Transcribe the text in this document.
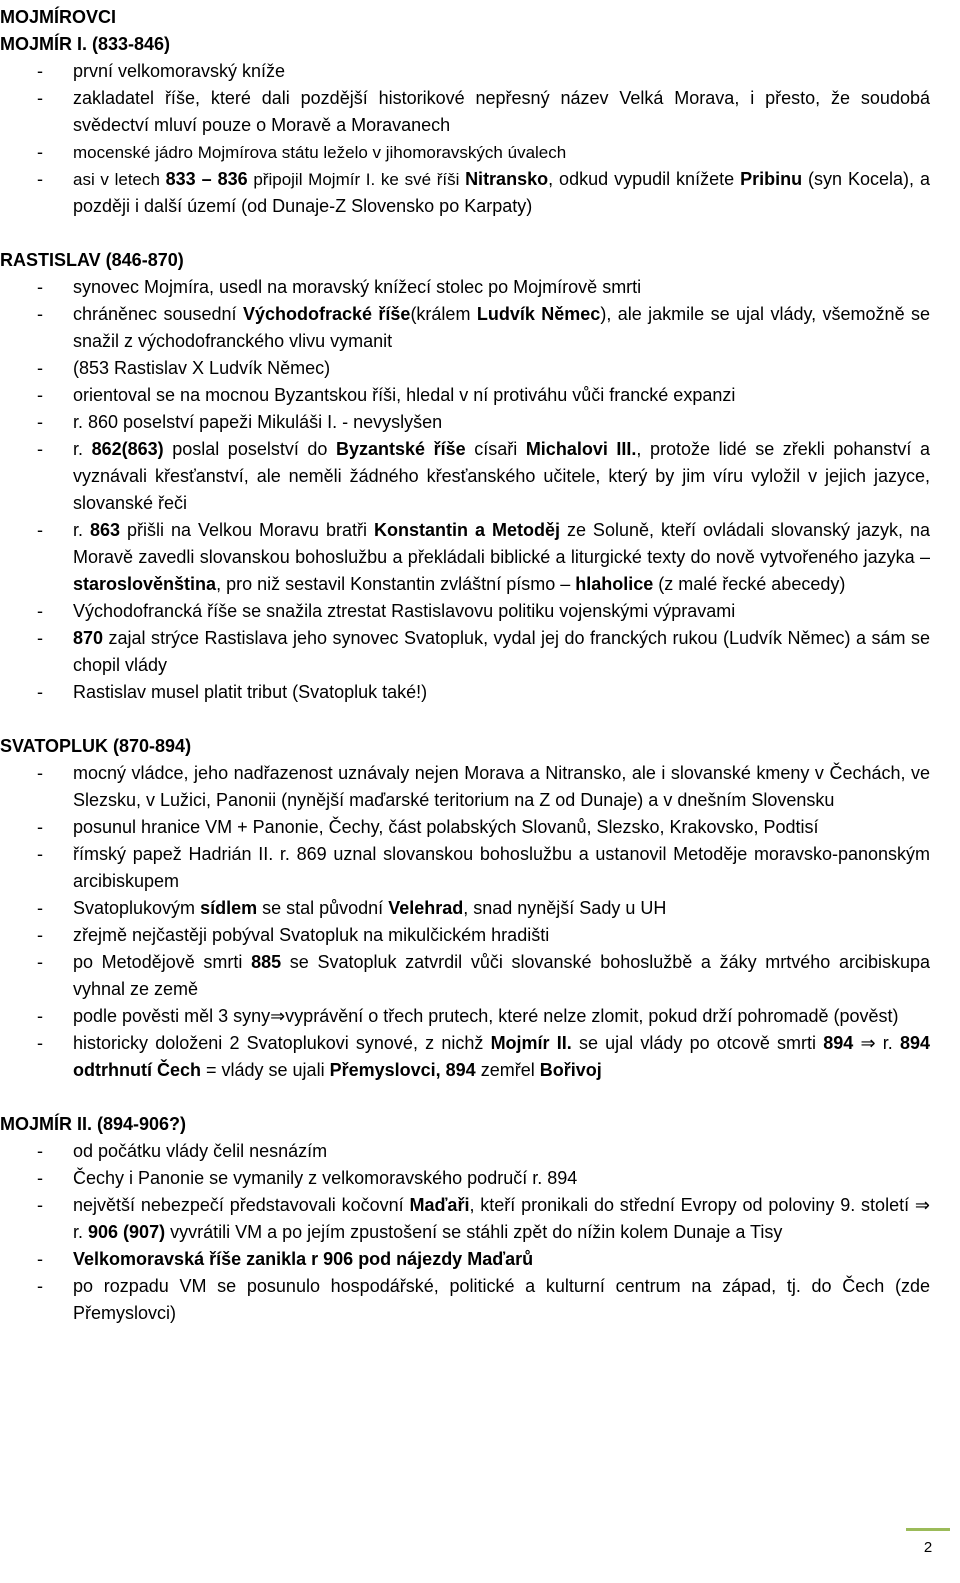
MOJMÍROVCI
MOJMÍR I. (833-846)
- první velkomoravský kníže
- zakladatel říše, které dali pozdější historikové nepřesný název Velká Morava, i přesto, že soudobá svědectví mluví pouze o Moravě a Moravanech
- mocenské jádro Mojmírova státu leželo v jihomoravských úvalech
- asi v letech 833 – 836 připojil Mojmír I. ke své říši Nitransko, odkud vypudil knížete Pribinu (syn Kocela), a později i další území (od Dunaje-Z Slovensko po Karpaty)
RASTISLAV (846-870)
- synovec Mojmíra, usedl na moravský knížecí stolec po Mojmírově smrti
- chráněnec sousední Východofracké říše(králem Ludvík Němec), ale jakmile se ujal vlády, všemožně se snažil z východofranckého vlivu vymanit
- (853 Rastislav X Ludvík Němec)
- orientoval se na mocnou Byzantskou říši, hledal v ní protiváhu vůči francké expanzi
- r. 860 poselství papeži Mikuláši I. - nevyslyšen
- r. 862(863) poslal poselství do Byzantské říše císaři Michalovi III., protože lidé se zřekli pohanství a vyznávali křesťanství, ale neměli žádného křesťanského učitele, který by jim víru vyložil v jejich jazyce, slovanské řeči
- r. 863 přišli na Velkou Moravu bratři Konstantin a Metoděj ze Soluně, kteří ovládali slovanský jazyk, na Moravě zavedli slovanskou bohoslužbu a překládali biblické a liturgické texty do nově vytvořeného jazyka – staroslověnština, pro niž sestavil Konstantin zvláštní písmo – hlaholice (z malé řecké abecedy)
- Východofrancká říše se snažila ztrestat Rastislavovu politiku vojenskými výpravami
- 870 zajal strýce Rastislava jeho synovec Svatopluk, vydal jej do franckých rukou (Ludvík Němec) a sám se chopil vlády
- Rastislav musel platit tribut (Svatopluk také!)
SVATOPLUK (870-894)
- mocný vládce, jeho nadřazenost uznávaly nejen Morava a Nitransko, ale i slovanské kmeny v Čechách, ve Slezsku, v Lužici, Panonii (nynější maďarské teritorium na Z od Dunaje) a v dnešním Slovensku
- posunul hranice VM + Panonie, Čechy, část polabských Slovanů, Slezsko, Krakovsko, Podtisí
- římský papež Hadrián II. r. 869 uznal slovanskou bohoslužbu a ustanovil Metoděje moravsko-panonským arcibiskupem
- Svatoplukovým sídlem se stal původní Velehrad, snad nynější Sady u UH
- zřejmě nejčastěji pobýval Svatopluk na mikulčickém hradišti
- po Metodějově smrti 885 se Svatopluk zatvrdil vůči slovanské bohoslužbě a žáky mrtvého arcibiskupa vyhnal ze země
- podle pověsti měl 3 syny⇒vyprávění o třech prutech, které nelze zlomit, pokud drží pohromadě (pověst)
- historicky doloženi 2 Svatoplukovi synové, z nichž Mojmír II. se ujal vlády po otcově smrti 894 ⇒ r. 894 odtrhnutí Čech = vlády se ujali Přemyslovci, 894 zemřel Bořivoj
MOJMÍR II. (894-906?)
- od počátku vlády čelil nesnázím
- Čechy i Panonie se vymanily z velkomoravského područí r. 894
- největší nebezpečí představovali kočovní Maďaři, kteří pronikali do střední Evropy od poloviny 9. století ⇒ r. 906 (907) vyvrátili VM a po jejím zpustošení se stáhli zpět do nížin kolem Dunaje a Tisy
- Velkomoravská říše zanikla r 906 pod nájezdy Maďarů
- po rozpadu VM se posunulo hospodářské, politické a kulturní centrum na západ, tj. do Čech (zde Přemyslovci)
2
